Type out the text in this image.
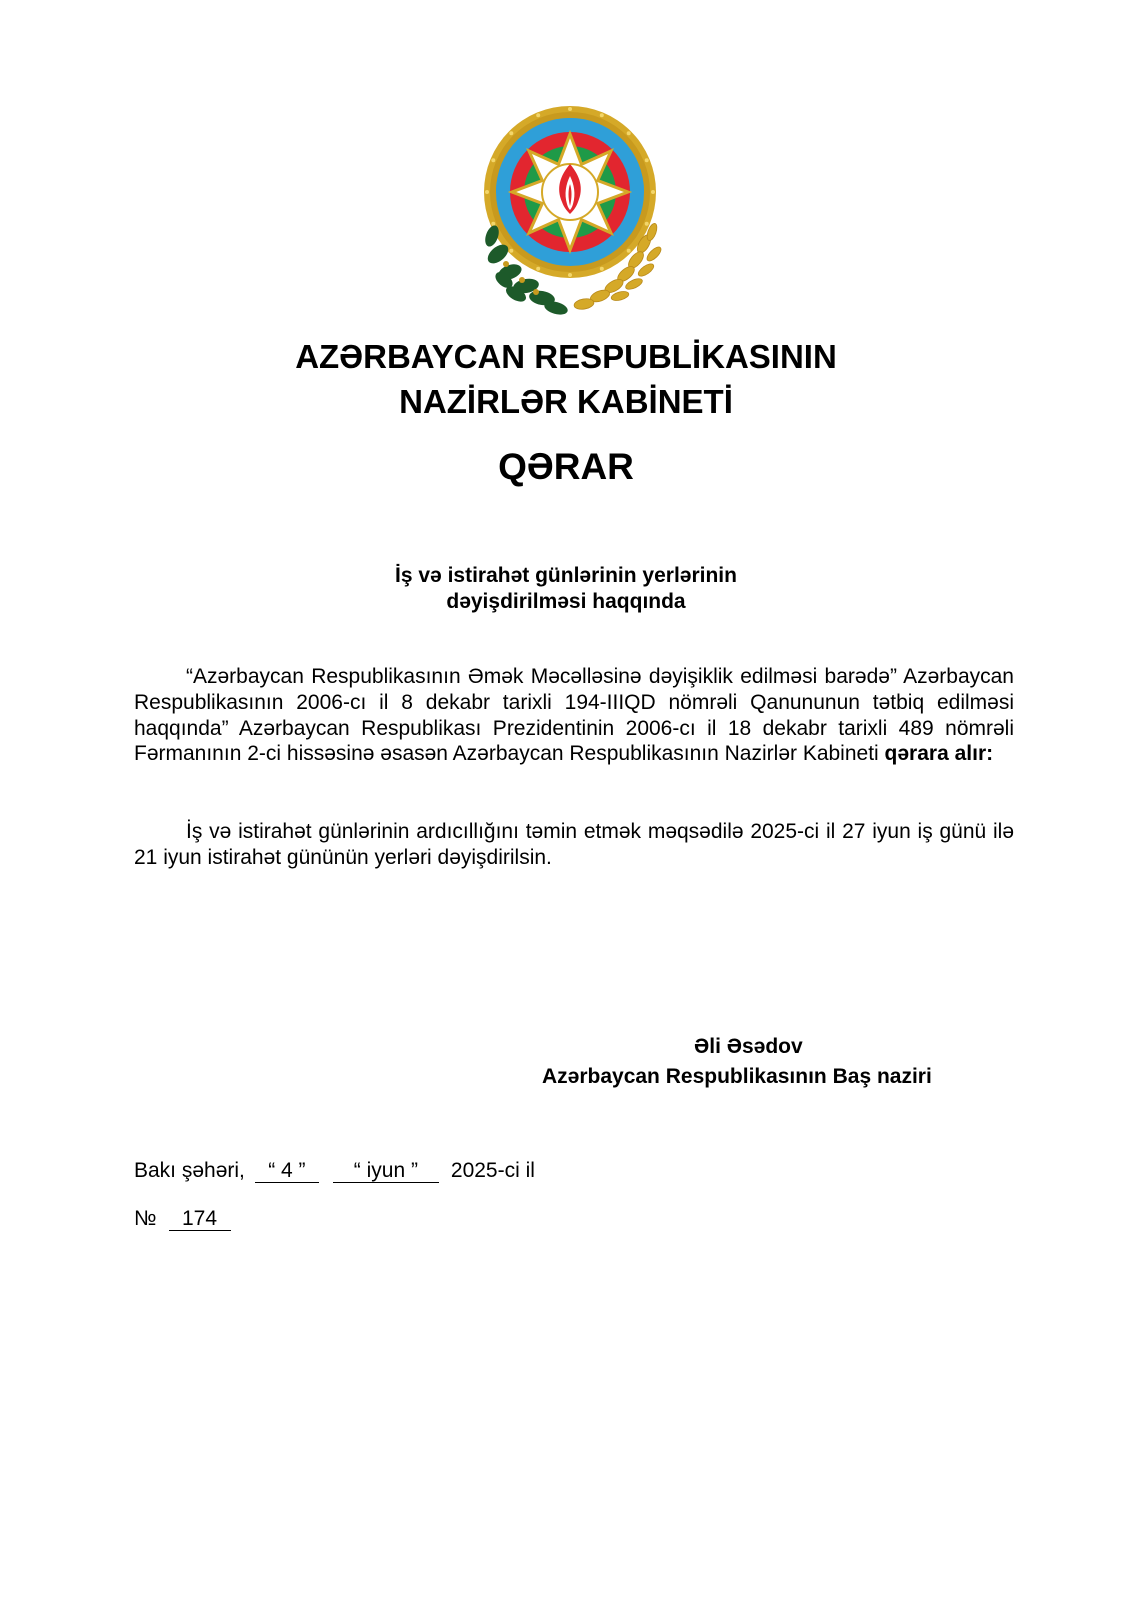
AZƏRBAYCAN RESPUBLİKASININ
NAZİRLƏR KABİNETİ
QƏRAR
İş və istirahət günlərinin yerlərinin
dəyişdirilməsi haqqında

“Azərbaycan Respublikasının Əmək Məcəlləsinə dəyişiklik edilməsi barədə” Azərbaycan Respublikasının 2006-cı il 8 dekabr tarixli 194-IIIQD nömrəli Qanununun tətbiq edilməsi haqqında” Azərbaycan Respublikası Prezidentinin 2006-cı il 18 dekabr tarixli 489 nömrəli Fərmanının 2-ci hissəsinə əsasən Azərbaycan Respublikasının Nazirlər Kabineti qərara alır:

İş və istirahət günlərinin ardıcıllığını təmin etmək məqsədilə 2025-ci il 27 iyun iş günü ilə 21 iyun istirahət gününün yerləri dəyişdirilsin.

Əli Əsədov
Azərbaycan Respublikasının Baş naziri
Bakı şəhəri, “ 4 ” “ iyun ” 2025-ci il
№ 174
